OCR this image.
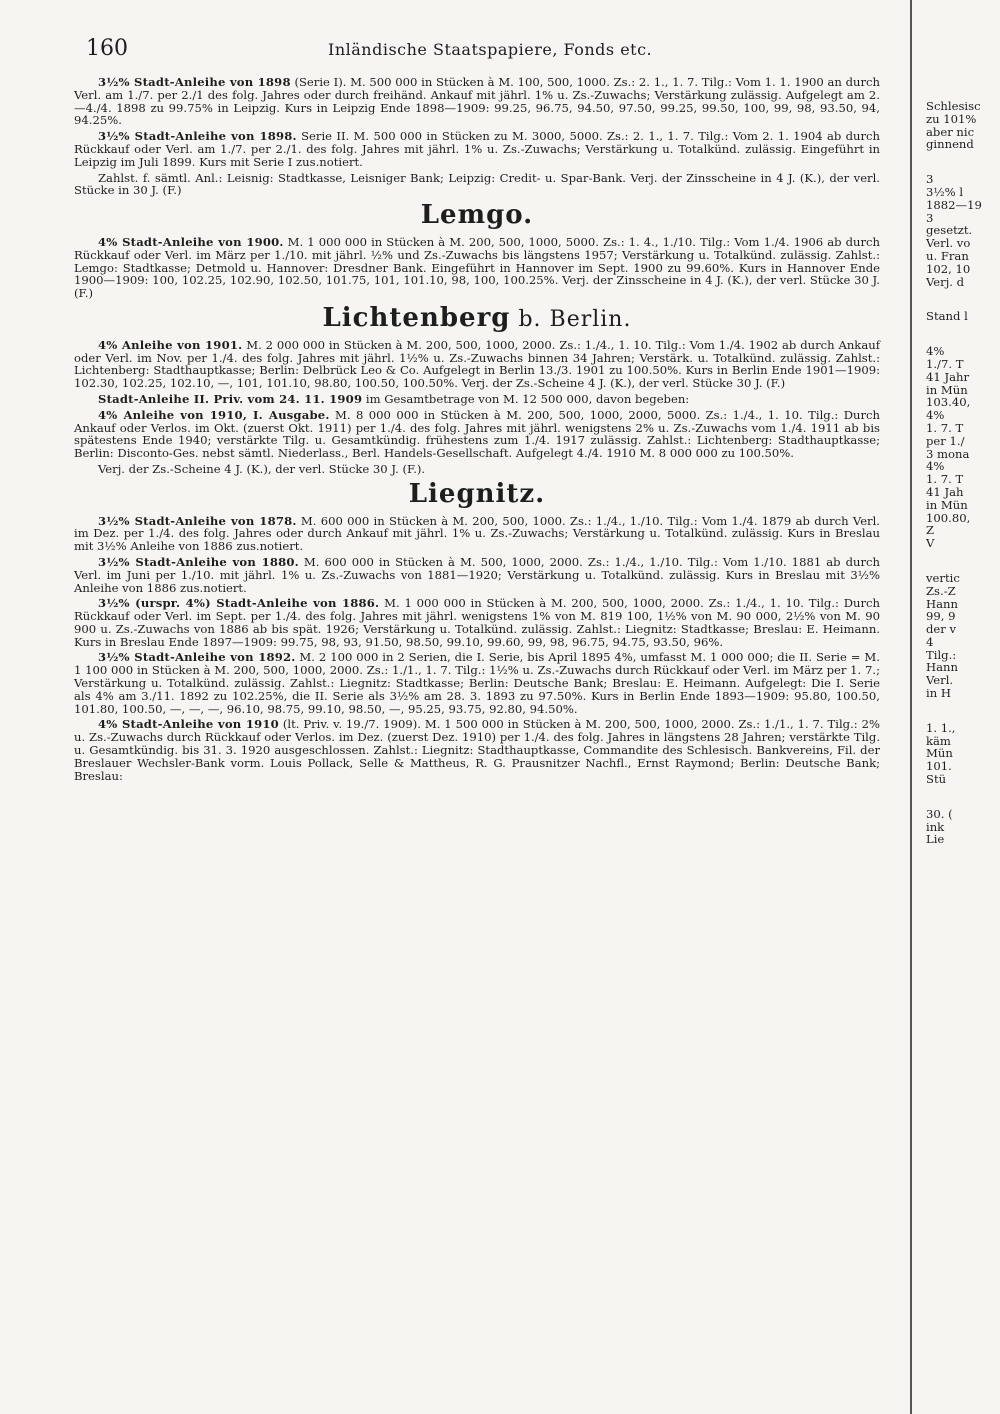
160	Inländische Staatspapiere, Fonds etc.

3½% Stadt-Anleihe von 1898 (Serie I). M. 500 000 in Stücken à M. 100, 500, 1000. Zs.: 2. 1., 1. 7. Tilg.: Vom 1. 1. 1900 an durch Verl. am 1./7. per 2./1 des folg. Jahres oder durch freihänd. Ankauf mit jährl. 1% u. Zs.-Zuwachs; Verstärkung zulässig. Aufgelegt am 2.—4./4. 1898 zu 99.75% in Leipzig. Kurs in Leipzig Ende 1898—1909: 99.25, 96.75, 94.50, 97.50, 99.25, 99.50, 100, 99, 98, 93.50, 94, 94.25%.

3½% Stadt-Anleihe von 1898. Serie II. M. 500 000 in Stücken zu M. 3000, 5000. Zs.: 2. 1., 1. 7. Tilg.: Vom 2. 1. 1904 ab durch Rückkauf oder Verl. am 1./7. per 2./1. des folg. Jahres mit jährl. 1% u. Zs.-Zuwachs; Verstärkung u. Totalkünd. zulässig. Eingeführt in Leipzig im Juli 1899. Kurs mit Serie I zus.notiert.

Zahlst. f. sämtl. Anl.: Leisnig: Stadtkasse, Leisniger Bank; Leipzig: Credit- u. Spar-Bank. Verj. der Zinsscheine in 4 J. (K.), der verl. Stücke in 30 J. (F.)

Lemgo.

4% Stadt-Anleihe von 1900. M. 1 000 000 in Stücken à M. 200, 500, 1000, 5000. Zs.: 1. 4., 1./10. Tilg.: Vom 1./4. 1906 ab durch Rückkauf oder Verl. im März per 1./10. mit jährl. ½% und Zs.-Zuwachs bis längstens 1957; Verstärkung u. Totalkünd. zulässig. Zahlst.: Lemgo: Stadtkasse; Detmold u. Hannover: Dresdner Bank. Eingeführt in Hannover im Sept. 1900 zu 99.60%. Kurs in Hannover Ende 1900—1909: 100, 102.25, 102.90, 102.50, 101.75, 101, 101.10, 98, 100, 100.25%. Verj. der Zinsscheine in 4 J. (K.), der verl. Stücke 30 J. (F.)

Lichtenberg b. Berlin.

4% Anleihe von 1901. M. 2 000 000 in Stücken à M. 200, 500, 1000, 2000. Zs.: 1./4., 1. 10. Tilg.: Vom 1./4. 1902 ab durch Ankauf oder Verl. im Nov. per 1./4. des folg. Jahres mit jährl. 1½% u. Zs.-Zuwachs binnen 34 Jahren; Verstärk. u. Totalkünd. zulässig. Zahlst.: Lichtenberg: Stadthauptkasse; Berlin: Delbrück Leo & Co. Aufgelegt in Berlin 13./3. 1901 zu 100.50%. Kurs in Berlin Ende 1901—1909: 102.30, 102.25, 102.10, —, 101, 101.10, 98.80, 100.50, 100.50%. Verj. der Zs.-Scheine 4 J. (K.), der verl. Stücke 30 J. (F.)

Stadt-Anleihe II. Priv. vom 24. 11. 1909 im Gesamtbetrage von M. 12 500 000, davon begeben:

4% Anleihe von 1910, I. Ausgabe. M. 8 000 000 in Stücken à M. 200, 500, 1000, 2000, 5000. Zs.: 1./4., 1. 10. Tilg.: Durch Ankauf oder Verlos. im Okt. (zuerst Okt. 1911) per 1./4. des folg. Jahres mit jährl. wenigstens 2% u. Zs.-Zuwachs vom 1./4. 1911 ab bis spätestens Ende 1940; verstärkte Tilg. u. Gesamtkündig. frühestens zum 1./4. 1917 zulässig. Zahlst.: Lichtenberg: Stadthauptkasse; Berlin: Disconto-Ges. nebst sämtl. Niederlass., Berl. Handels-Gesellschaft. Aufgelegt 4./4. 1910 M. 8 000 000 zu 100.50%.

Verj. der Zs.-Scheine 4 J. (K.), der verl. Stücke 30 J. (F.).

Liegnitz.

3½% Stadt-Anleihe von 1878. M. 600 000 in Stücken à M. 200, 500, 1000. Zs.: 1./4., 1./10. Tilg.: Vom 1./4. 1879 ab durch Verl. im Dez. per 1./4. des folg. Jahres oder durch Ankauf mit jährl. 1% u. Zs.-Zuwachs; Verstärkung u. Totalkünd. zulässig. Kurs in Breslau mit 3½% Anleihe von 1886 zus.notiert.

3½% Stadt-Anleihe von 1880. M. 600 000 in Stücken à M. 500, 1000, 2000. Zs.: 1./4., 1./10. Tilg.: Vom 1./10. 1881 ab durch Verl. im Juni per 1./10. mit jährl. 1% u. Zs.-Zuwachs von 1881—1920; Verstärkung u. Totalkünd. zulässig. Kurs in Breslau mit 3½% Anleihe von 1886 zus.notiert.

3½% (urspr. 4%) Stadt-Anleihe von 1886. M. 1 000 000 in Stücken à M. 200, 500, 1000, 2000. Zs.: 1./4., 1. 10. Tilg.: Durch Rückkauf oder Verl. im Sept. per 1./4. des folg. Jahres mit jährl. wenigstens 1% von M. 819 100, 1½% von M. 90 000, 2½% von M. 90 900 u. Zs.-Zuwachs von 1886 ab bis spät. 1926; Verstärkung u. Totalkünd. zulässig. Zahlst.: Liegnitz: Stadtkasse; Breslau: E. Heimann. Kurs in Breslau Ende 1897—1909: 99.75, 98, 93, 91.50, 98.50, 99.10, 99.60, 99, 98, 96.75, 94.75, 93.50, 96%.

3½% Stadt-Anleihe von 1892. M. 2 100 000 in 2 Serien, die I. Serie, bis April 1895 4%, umfasst M. 1 000 000; die II. Serie = M. 1 100 000 in Stücken à M. 200, 500, 1000, 2000. Zs.: 1./1., 1. 7. Tilg.: 1½% u. Zs.-Zuwachs durch Rückkauf oder Verl. im März per 1. 7.; Verstärkung u. Totalkünd. zulässig. Zahlst.: Liegnitz: Stadtkasse; Berlin: Deutsche Bank; Breslau: E. Heimann. Aufgelegt: Die I. Serie als 4% am 3./11. 1892 zu 102.25%, die II. Serie als 3½% am 28. 3. 1893 zu 97.50%. Kurs in Berlin Ende 1893—1909: 95.80, 100.50, 101.80, 100.50, —, —, —, 96.10, 98.75, 99.10, 98.50, —, 95.25, 93.75, 92.80, 94.50%.

4% Stadt-Anleihe von 1910 (lt. Priv. v. 19./7. 1909). M. 1 500 000 in Stücken à M. 200, 500, 1000, 2000. Zs.: 1./1., 1. 7. Tilg.: 2% u. Zs.-Zuwachs durch Rückkauf oder Verlos. im Dez. (zuerst Dez. 1910) per 1./4. des folg. Jahres in längstens 28 Jahren; verstärkte Tilg. u. Gesamtkündig. bis 31. 3. 1920 ausgeschlossen. Zahlst.: Liegnitz: Stadthauptkasse, Commandite des Schlesisch. Bankvereins, Fil. der Breslauer Wechsler-Bank vorm. Louis Pollack, Selle & Mattheus, R. G. Prausnitzer Nachfl., Ernst Raymond; Berlin: Deutsche Bank; Breslau:

Schlesisc
zu 101%
aber nic
ginnend
3
3½% l
1882—19
3
gesetzt.
Verl. vo
u. Fran
102, 10
Verj. d
Stand l
4%
1./7. T
41 Jahr
in Mün
103.40,
4%
1. 7. T
per 1./
3 mona
4%
1. 7. T
41 Jah
in Mün
100.80,
Z
V
vertic
Zs.-Z
Hann
99, 9
der v
4
Tilg.:
Hann
Verl.
in H
1. 1.,
käm
Mün
101.
Stü
30. (
ink
Lie
